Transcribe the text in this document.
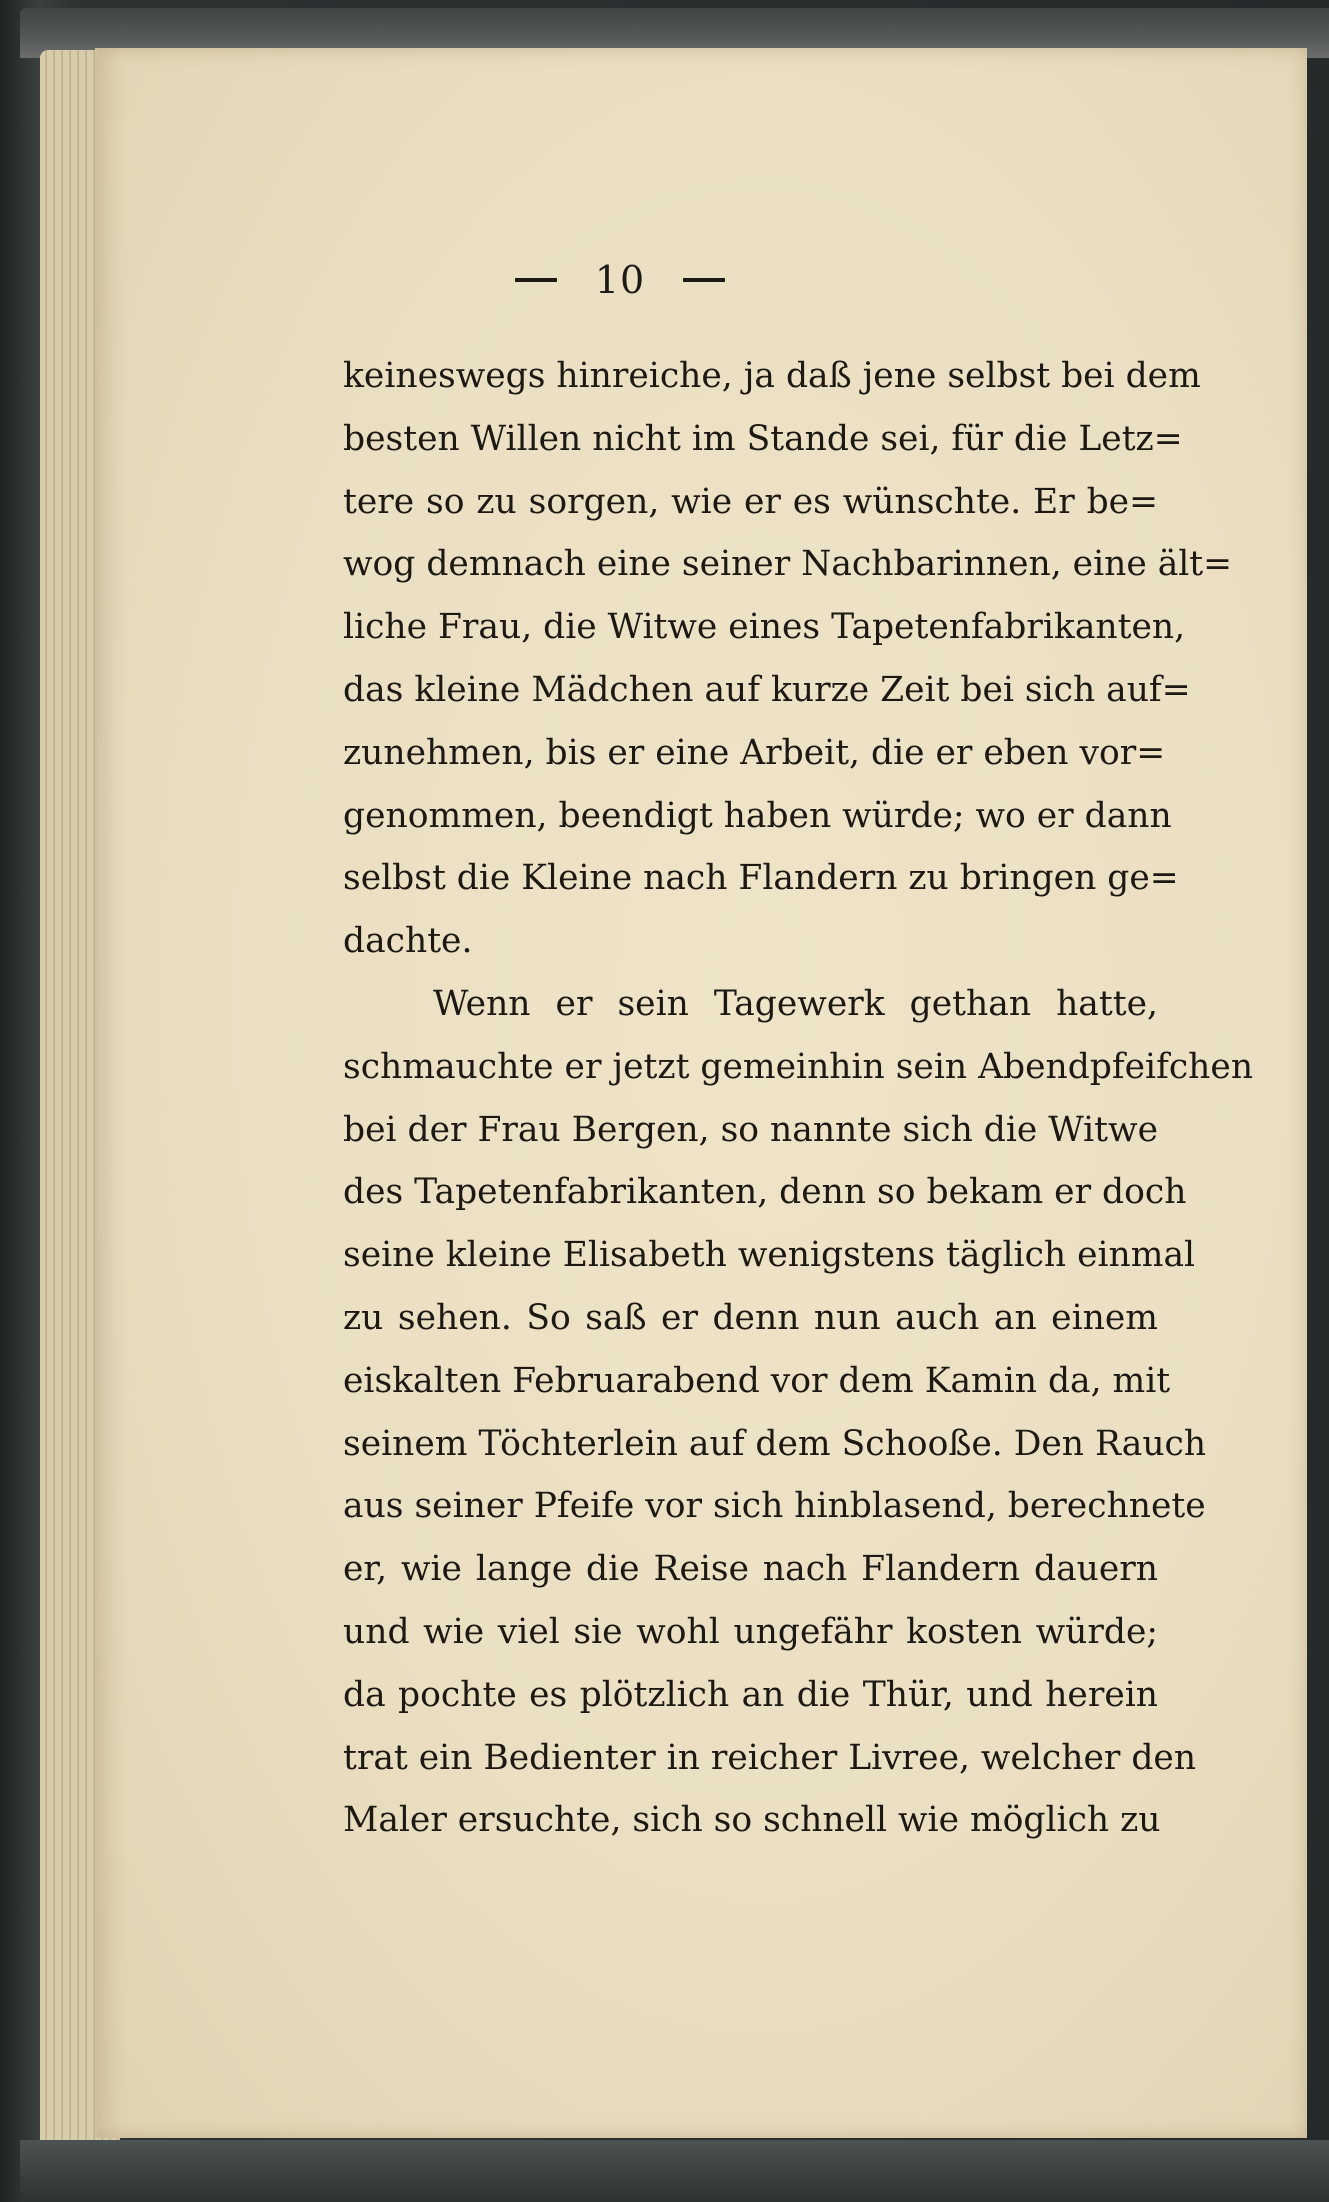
10
keineswegs hinreiche, ja daß jene selbst bei dem
besten Willen nicht im Stande sei, für die Letz=
tere so zu sorgen, wie er es wünschte. Er be=
wog demnach eine seiner Nachbarinnen, eine ält=
liche Frau, die Witwe eines Tapetenfabrikanten,
das kleine Mädchen auf kurze Zeit bei sich auf=
zunehmen, bis er eine Arbeit, die er eben vor=
genommen, beendigt haben würde; wo er dann
selbst die Kleine nach Flandern zu bringen ge=
dachte.
Wenn er sein Tagewerk gethan hatte,
schmauchte er jetzt gemeinhin sein Abendpfeifchen
bei der Frau Bergen, so nannte sich die Witwe
des Tapetenfabrikanten, denn so bekam er doch
seine kleine Elisabeth wenigstens täglich einmal
zu sehen. So saß er denn nun auch an einem
eiskalten Februarabend vor dem Kamin da, mit
seinem Töchterlein auf dem Schooße. Den Rauch
aus seiner Pfeife vor sich hinblasend, berechnete
er, wie lange die Reise nach Flandern dauern
und wie viel sie wohl ungefähr kosten würde;
da pochte es plötzlich an die Thür, und herein
trat ein Bedienter in reicher Livree, welcher den
Maler ersuchte, sich so schnell wie möglich zu
